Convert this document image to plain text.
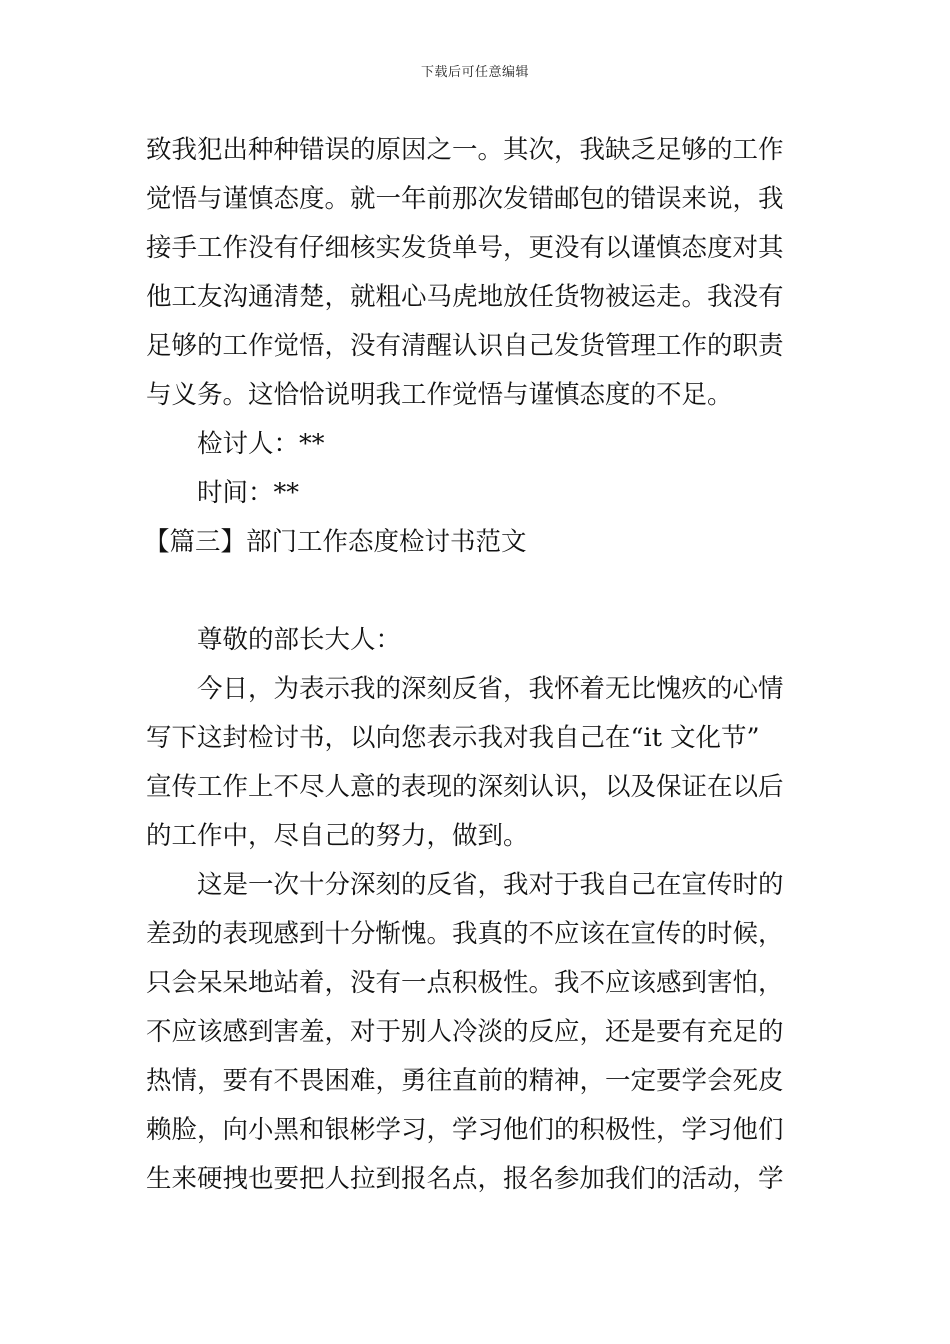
下载后可任意编辑
致我犯出种种错误的原因之一。其次，我缺乏足够的工作
觉悟与谨慎态度。就一年前那次发错邮包的错误来说，我
接手工作没有仔细核实发货单号，更没有以谨慎态度对其
他工友沟通清楚，就粗心马虎地放任货物被运走。我没有
足够的工作觉悟，没有清醒认识自己发货管理工作的职责
与义务。这恰恰说明我工作觉悟与谨慎态度的不足。
检讨人：**
时间：**
【篇三】部门工作态度检讨书范文
尊敬的部长大人：
今日，为表示我的深刻反省，我怀着无比愧疚的心情
写下这封检讨书，以向您表示我对我自己在“it 文化节”
宣传工作上不尽人意的表现的深刻认识，以及保证在以后
的工作中，尽自己的努力，做到。
这是一次十分深刻的反省，我对于我自己在宣传时的
差劲的表现感到十分惭愧。我真的不应该在宣传的时候，
只会呆呆地站着，没有一点积极性。我不应该感到害怕，
不应该感到害羞，对于别人冷淡的反应，还是要有充足的
热情，要有不畏困难，勇往直前的精神，一定要学会死皮
赖脸，向小黑和银彬学习，学习他们的积极性，学习他们
生来硬拽也要把人拉到报名点，报名参加我们的活动，学
